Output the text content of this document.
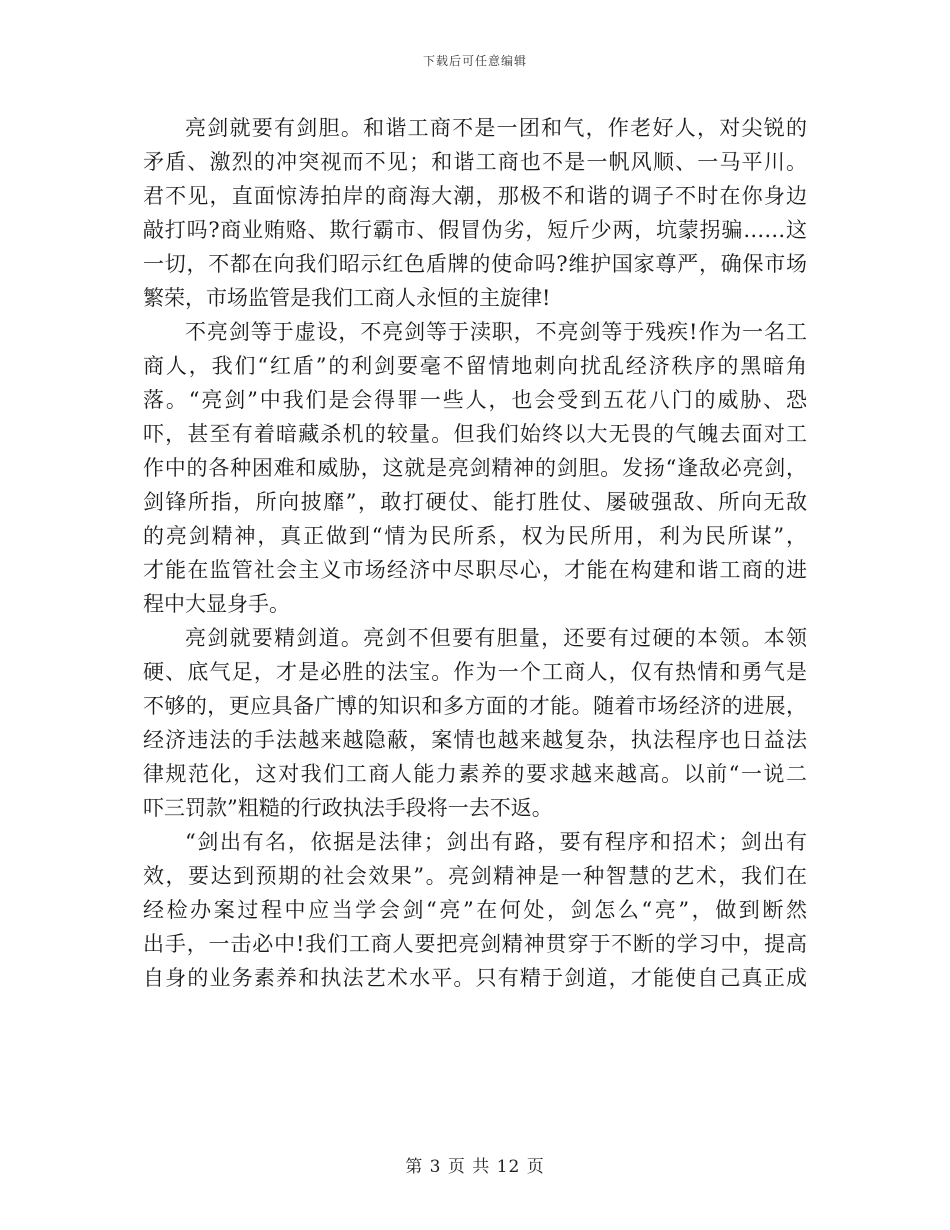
下载后可任意编辑
亮剑就要有剑胆。和谐工商不是一团和气，作老好人，对尖锐的
矛盾、激烈的冲突视而不见；和谐工商也不是一帆风顺、一马平川。
君不见，直面惊涛拍岸的商海大潮，那极不和谐的调子不时在你身边
敲打吗?商业贿赂、欺行霸市、假冒伪劣，短斤少两，坑蒙拐骗……这
一切，不都在向我们昭示红色盾牌的使命吗?维护国家尊严，确保市场
繁荣，市场监管是我们工商人永恒的主旋律!
不亮剑等于虚设，不亮剑等于渎职，不亮剑等于残疾!作为一名工
商人，我们“红盾”的利剑要毫不留情地刺向扰乱经济秩序的黑暗角
落。“亮剑”中我们是会得罪一些人，也会受到五花八门的威胁、恐
吓，甚至有着暗藏杀机的较量。但我们始终以大无畏的气魄去面对工
作中的各种困难和威胁，这就是亮剑精神的剑胆。发扬“逢敌必亮剑，
剑锋所指，所向披靡”，敢打硬仗、能打胜仗、屡破强敌、所向无敌
的亮剑精神，真正做到“情为民所系，权为民所用，利为民所谋”，
才能在监管社会主义市场经济中尽职尽心，才能在构建和谐工商的进
程中大显身手。
亮剑就要精剑道。亮剑不但要有胆量，还要有过硬的本领。本领
硬、底气足，才是必胜的法宝。作为一个工商人，仅有热情和勇气是
不够的，更应具备广博的知识和多方面的才能。随着市场经济的进展，
经济违法的手法越来越隐蔽，案情也越来越复杂，执法程序也日益法
律规范化，这对我们工商人能力素养的要求越来越高。以前“一说二
吓三罚款”粗糙的行政执法手段将一去不返。
“剑出有名，依据是法律；剑出有路，要有程序和招术；剑出有
效，要达到预期的社会效果”。亮剑精神是一种智慧的艺术，我们在
经检办案过程中应当学会剑“亮”在何处，剑怎么“亮”，做到断然
出手，一击必中!我们工商人要把亮剑精神贯穿于不断的学习中，提高
自身的业务素养和执法艺术水平。只有精于剑道，才能使自己真正成
第 3 页 共 12 页
